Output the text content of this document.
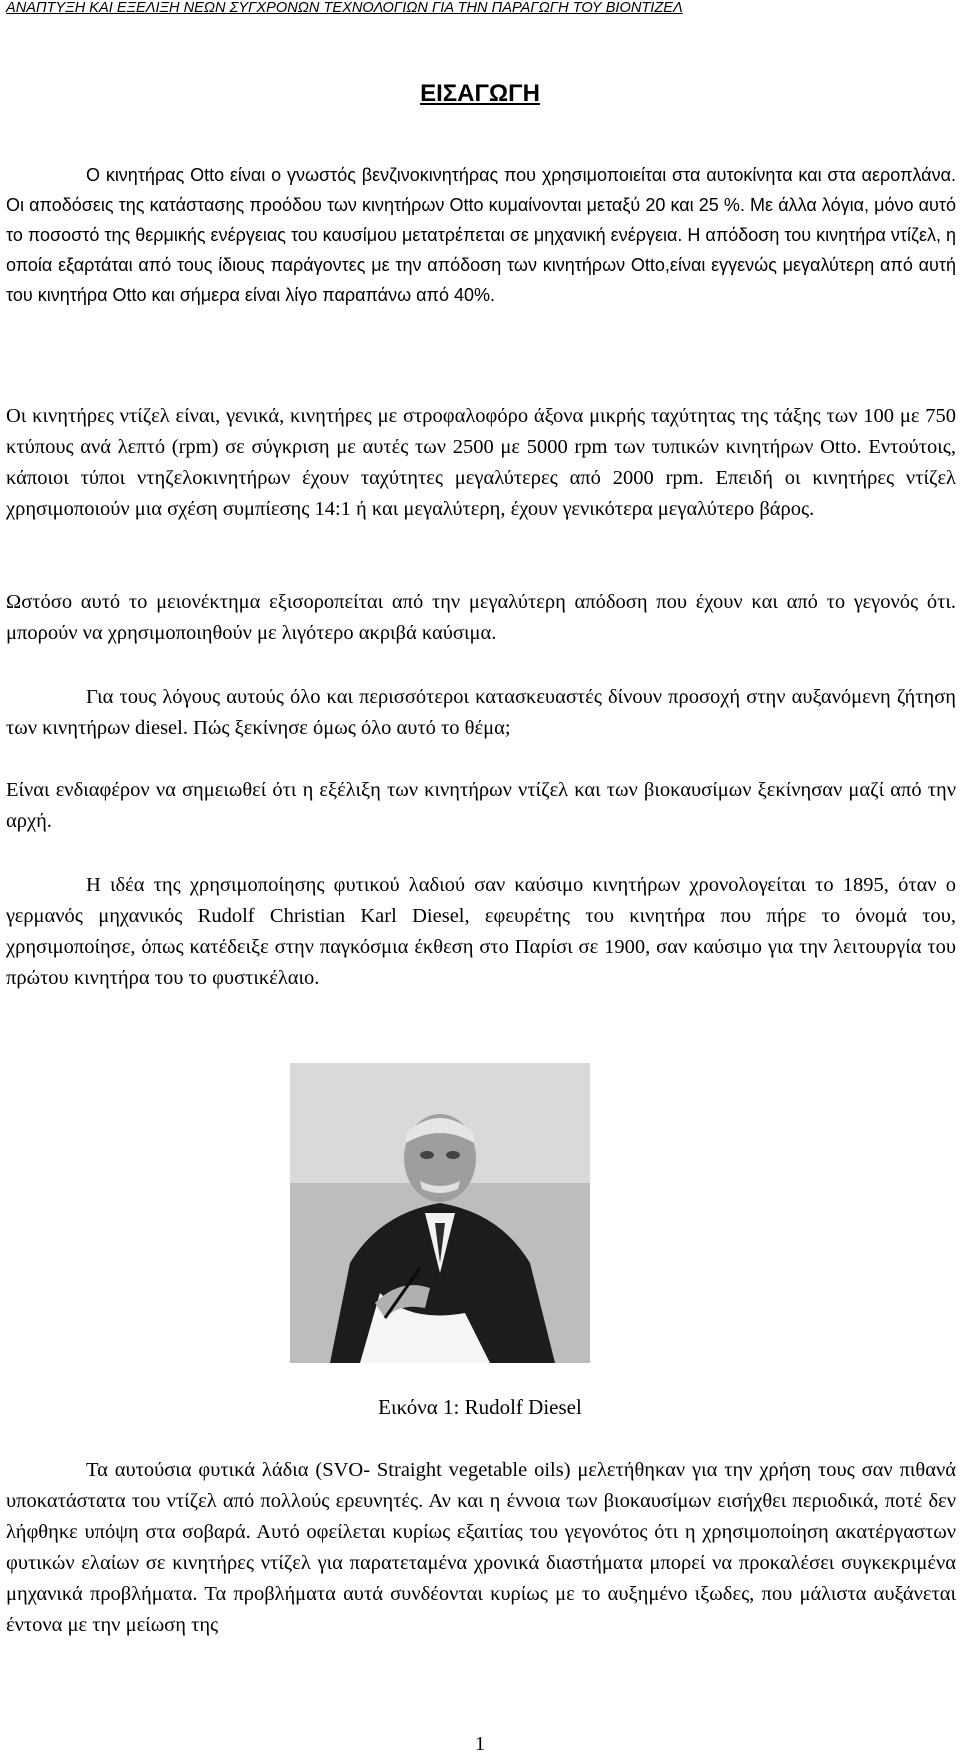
ΑΝΑΠΤΥΞΗ ΚΑΙ ΕΞΕΛΙΞΗ ΝΕΩΝ ΣΥΓΧΡΟΝΩΝ ΤΕΧΝΟΛΟΓΙΩΝ ΓΙΑ ΤΗΝ ΠΑΡΑΓΩΓΗ ΤΟΥ ΒΙΟΝΤΙΖΕΛ
ΕΙΣΑΓΩΓΗ

Ο κινητήρας Otto είναι ο γνωστός βενζινοκινητήρας που χρησιμοποιείται στα αυτοκίνητα και στα αεροπλάνα. Οι αποδόσεις της κατάστασης προόδου των κινητήρων Otto κυμαίνονται μεταξύ 20 και 25 %. Με άλλα λόγια, μόνο αυτό το ποσοστό της θερμικής ενέργειας του καυσίμου μετατρέπεται σε μηχανική ενέργεια. Η απόδοση του κινητήρα ντίζελ, η οποία εξαρτάται από τους ίδιους παράγοντες με την απόδοση των κινητήρων Otto,είναι εγγενώς μεγαλύτερη από αυτή του κινητήρα Otto και σήμερα είναι λίγο παραπάνω από 40%.

Οι κινητήρες ντίζελ είναι, γενικά, κινητήρες με στροφαλοφόρο άξονα μικρής ταχύτητας της τάξης των 100 με 750 κτύπους ανά λεπτό (rpm) σε σύγκριση με αυτές των 2500 με 5000 rpm των τυπικών κινητήρων Otto. Εντούτοις, κάποιοι τύποι ντηζελοκινητήρων έχουν ταχύτητες μεγαλύτερες από 2000 rpm. Επειδή οι κινητήρες ντίζελ χρησιμοποιούν μια σχέση συμπίεσης 14:1 ή και μεγαλύτερη, έχουν γενικότερα μεγαλύτερο βάρος.

Ωστόσο αυτό το μειονέκτημα εξισοροπείται από την μεγαλύτερη απόδοση που έχουν και από το γεγονός ότι. μπορούν να χρησιμοποιηθούν με λιγότερο ακριβά καύσιμα.

Για τους λόγους αυτούς όλο και περισσότεροι κατασκευαστές δίνουν προσοχή στην αυξανόμενη ζήτηση των κινητήρων diesel. Πώς ξεκίνησε όμως όλο αυτό το θέμα;

Είναι ενδιαφέρον να σημειωθεί ότι η εξέλιξη των κινητήρων ντίζελ και των βιοκαυσίμων ξεκίνησαν μαζί από την αρχή.

Η ιδέα της χρησιμοποίησης φυτικού λαδιού σαν καύσιμο κινητήρων χρονολογείται το 1895, όταν ο γερμανός μηχανικός Rudolf Christian Karl Diesel, εφευρέτης του κινητήρα που πήρε το όνομά του, χρησιμοποίησε, όπως κατέδειξε στην παγκόσμια έκθεση στο Παρίσι σε 1900, σαν καύσιμο για την λειτουργία του πρώτου κινητήρα του το φυστικέλαιο.

Εικόνα 1: Rudolf Diesel

Τα αυτούσια φυτικά λάδια (SVO- Straight vegetable oils) μελετήθηκαν για την χρήση τους σαν πιθανά υποκατάστατα του ντίζελ από πολλούς ερευνητές. Αν και η έννοια των βιοκαυσίμων εισήχθει περιοδικά, ποτέ δεν λήφθηκε υπόψη στα σοβαρά. Αυτό οφείλεται κυρίως εξαιτίας του γεγονότος ότι η χρησιμοποίηση ακατέργαστων φυτικών ελαίων σε κινητήρες ντίζελ για παρατεταμένα χρονικά διαστήματα μπορεί να προκαλέσει συγκεκριμένα μηχανικά προβλήματα. Τα προβλήματα αυτά συνδέονται κυρίως με το αυξημένο ιξωδες, που μάλιστα αυξάνεται έντονα με την μείωση της

1
